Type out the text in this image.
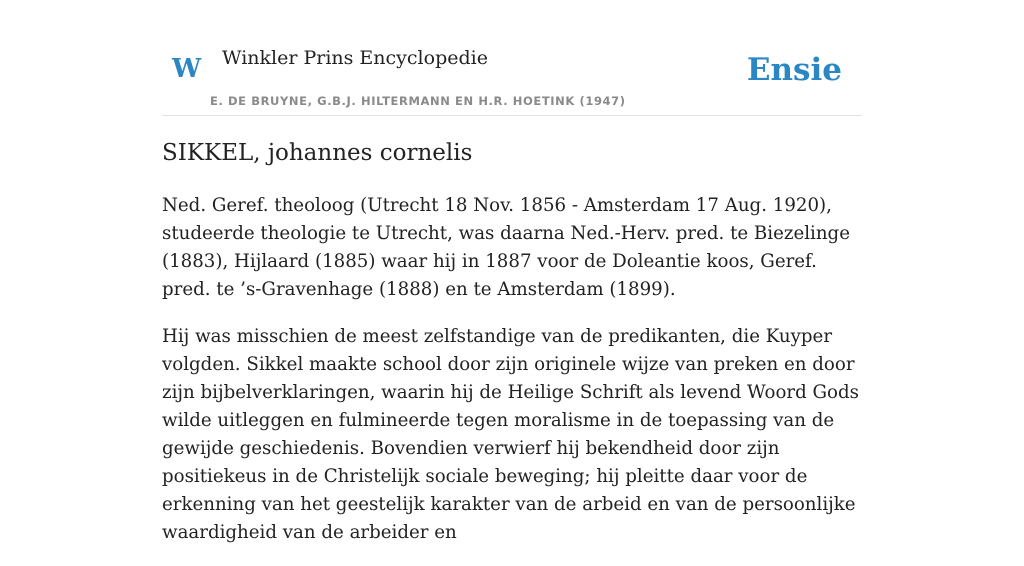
W Winkler Prins Encyclopedie
E. DE BRUYNE, G.B.J. HILTERMANN EN H.R. HOETINK (1947)
Ensie
SIKKEL, johannes cornelis

Ned. Geref. theoloog (Utrecht 18 Nov. 1856 - Amsterdam 17 Aug. 1920), studeerde theologie te Utrecht, was daarna Ned.-Herv. pred. te Biezelinge (1883), Hijlaard (1885) waar hij in 1887 voor de Doleantie koos, Geref. pred. te ’s-Gravenhage (1888) en te Amsterdam (1899).

Hij was misschien de meest zelfstandige van de predikanten, die Kuyper volgden. Sikkel maakte school door zijn originele wijze van preken en door zijn bijbelverklaringen, waarin hij de Heilige Schrift als levend Woord Gods wilde uitleggen en fulmineerde tegen moralisme in de toepassing van de gewijde geschiedenis. Bovendien verwierf hij bekendheid door zijn positiekeus in de Christelijk sociale beweging; hij pleitte daar voor de erkenning van het geestelijk karakter van de arbeid en van de persoonlijke waardigheid van de arbeider en
